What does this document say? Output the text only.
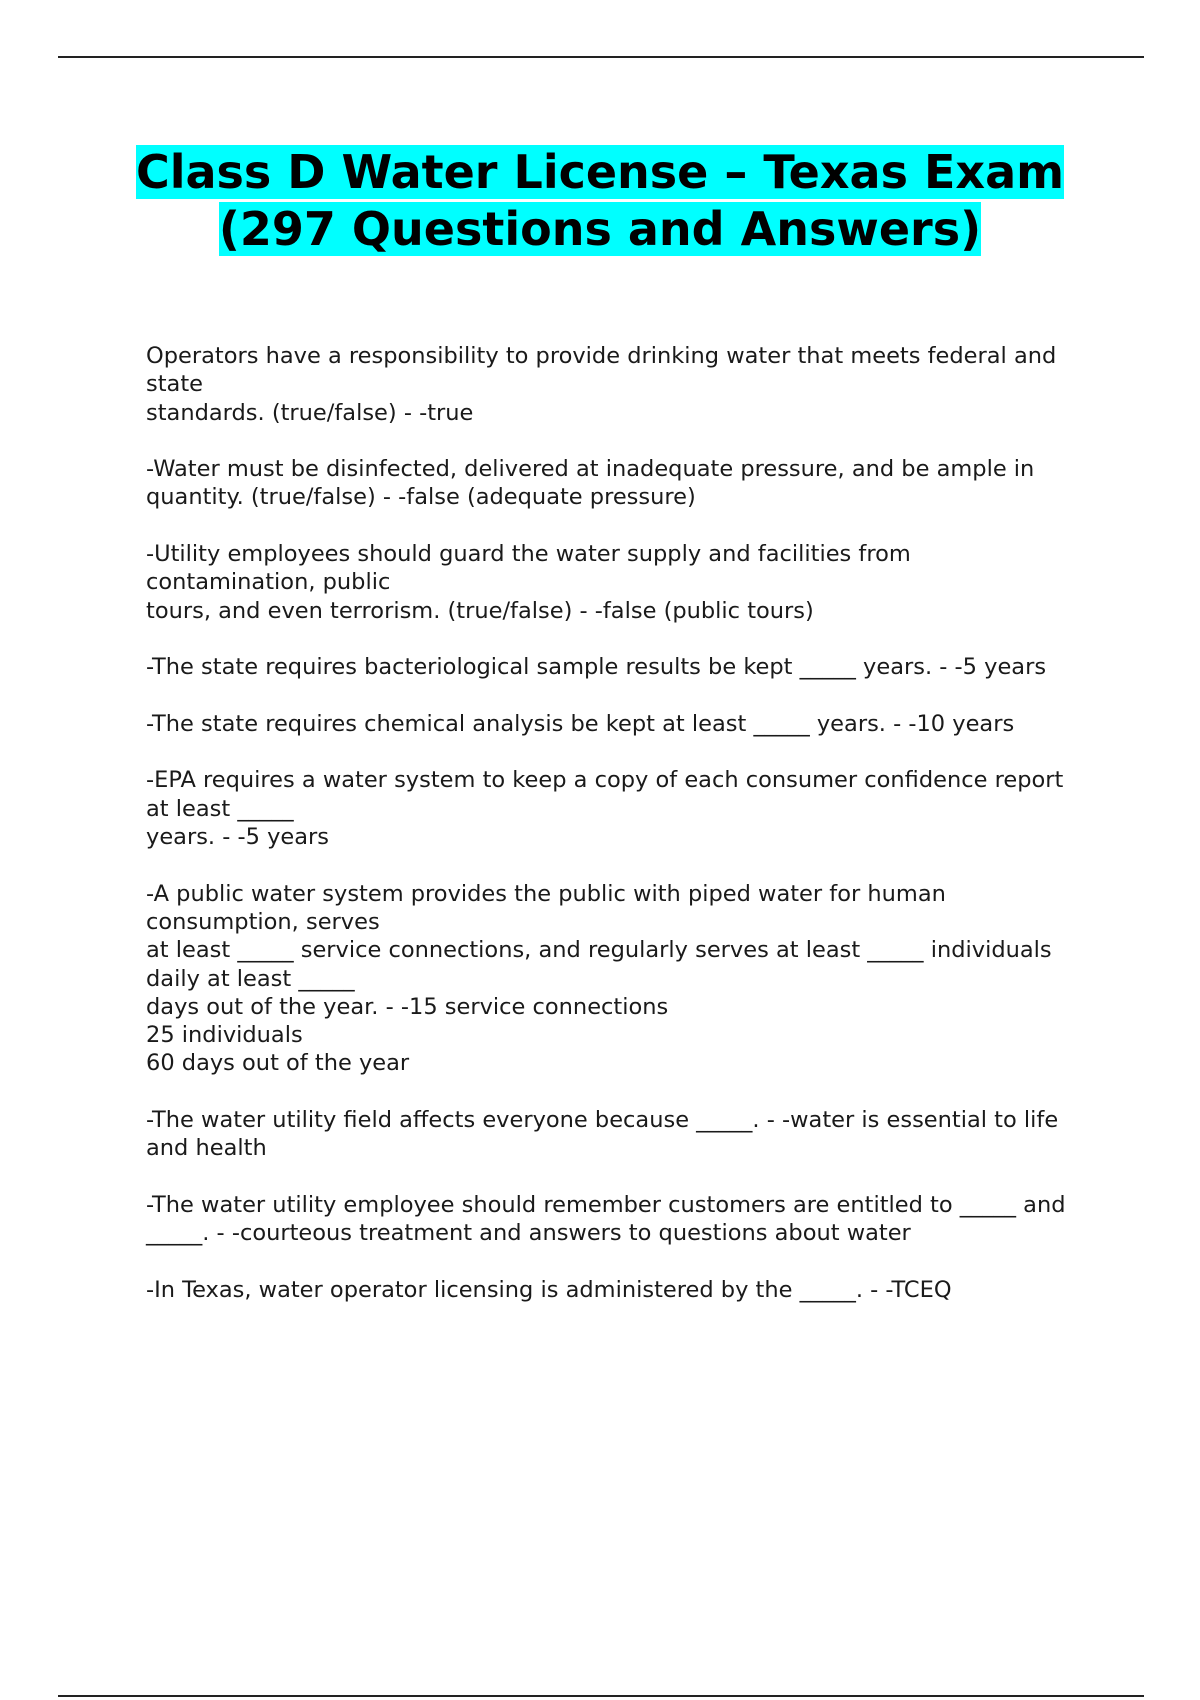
Class D Water License – Texas Exam (297 Questions and Answers)

Operators have a responsibility to provide drinking water that meets federal and state
standards. (true/false) - -true

-Water must be disinfected, delivered at inadequate pressure, and be ample in quantity. (true/false) - -false (adequate pressure)

-Utility employees should guard the water supply and facilities from contamination, public
tours, and even terrorism. (true/false) - -false (public tours)

-The state requires bacteriological sample results be kept _____ years. - -5 years

-The state requires chemical analysis be kept at least _____ years. - -10 years

-EPA requires a water system to keep a copy of each consumer confidence report at least _____
years. - -5 years

-A public water system provides the public with piped water for human consumption, serves
at least _____ service connections, and regularly serves at least _____ individuals daily at least _____
days out of the year. - -15 service connections
25 individuals
60 days out of the year

-The water utility field affects everyone because _____. - -water is essential to life and health

-The water utility employee should remember customers are entitled to _____ and _____. - -courteous treatment and answers to questions about water

-In Texas, water operator licensing is administered by the _____. - -TCEQ
